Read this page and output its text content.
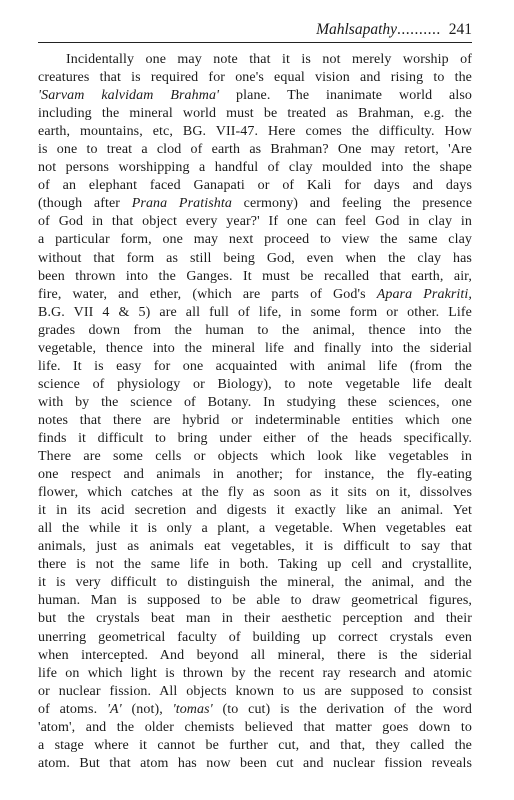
Mahlsapathy.......... 241

Incidentally one may note that it is not merely worship of
creatures that is required for one's equal vision and rising to the
'Sarvam kalvidam Brahma' plane. The inanimate world also
including the mineral world must be treated as Brahman, e.g. the
earth, mountains, etc, BG. VII-47. Here comes the difficulty. How
is one to treat a clod of earth as Brahman? One may retort, 'Are
not persons worshipping a handful of clay moulded into the shape
of an elephant faced Ganapati or of Kali for days and days
(though after Prana Pratishta cermony) and feeling the presence
of God in that object every year?' If one can feel God in clay in
a particular form, one may next proceed to view the same clay
without that form as still being God, even when the clay has
been thrown into the Ganges. It must be recalled that earth, air,
fire, water, and ether, (which are parts of God's Apara Prakriti,
B.G. VII 4 & 5) are all full of life, in some form or other. Life
grades down from the human to the animal, thence into the
vegetable, thence into the mineral life and finally into the siderial
life. It is easy for one acquainted with animal life (from the
science of physiology or Biology), to note vegetable life dealt
with by the science of Botany. In studying these sciences, one
notes that there are hybrid or indeterminable entities which one
finds it difficult to bring under either of the heads specifically.
There are some cells or objects which look like vegetables in
one respect and animals in another; for instance, the fly-eating
flower, which catches at the fly as soon as it sits on it, dissolves
it in its acid secretion and digests it exactly like an animal. Yet
all the while it is only a plant, a vegetable. When vegetables eat
animals, just as animals eat vegetables, it is difficult to say that
there is not the same life in both. Taking up cell and crystallite,
it is very difficult to distinguish the mineral, the animal, and the
human. Man is supposed to be able to draw geometrical figures,
but the crystals beat man in their aesthetic perception and their
unerring geometrical faculty of building up correct crystals even
when intercepted. And beyond all mineral, there is the siderial
life on which light is thrown by the recent ray research and atomic
or nuclear fission. All objects known to us are supposed to consist
of atoms. 'A' (not), 'tomas' (to cut) is the derivation of the word
'atom', and the older chemists believed that matter goes down to
a stage where it cannot be further cut, and that, they called the
atom. But that atom has now been cut and nuclear fission reveals
